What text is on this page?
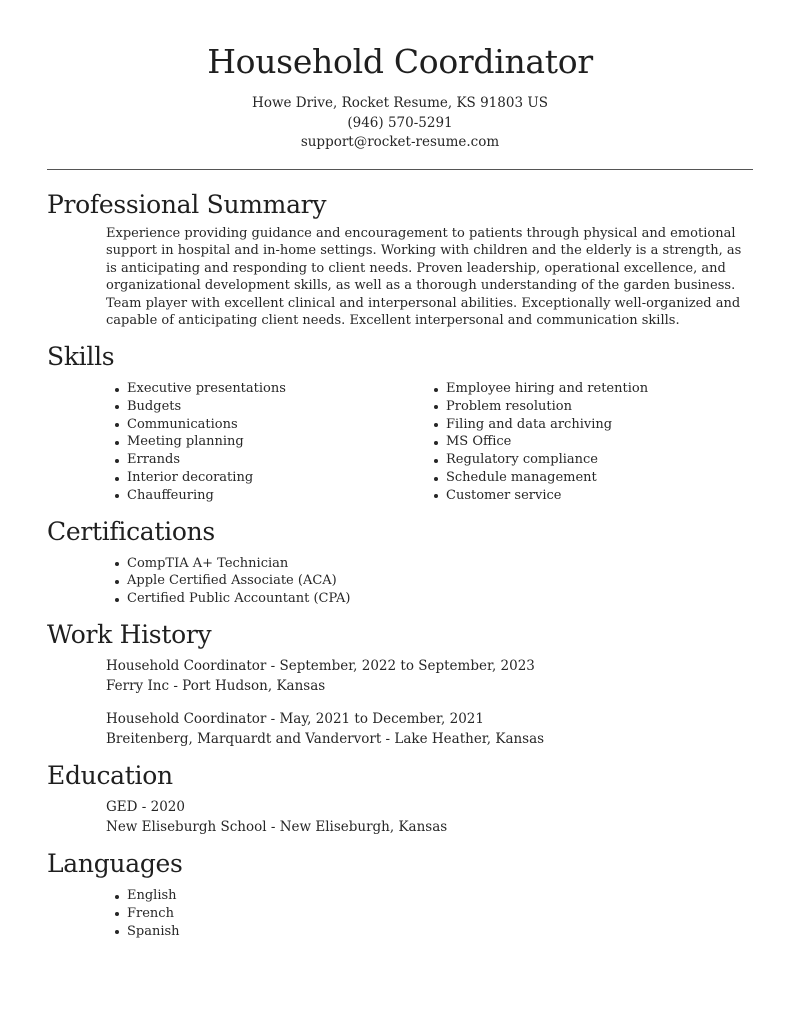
Household Coordinator
Howe Drive, Rocket Resume, KS 91803 US
(946) 570-5291
support@rocket-resume.com
Professional Summary

Experience providing guidance and encouragement to patients through physical and emotional support in hospital and in-home settings. Working with children and the elderly is a strength, as is anticipating and responding to client needs. Proven leadership, operational excellence, and organizational development skills, as well as a thorough understanding of the garden business. Team player with excellent clinical and interpersonal abilities. Exceptionally well-organized and capable of anticipating client needs. Excellent interpersonal and communication skills.

Skills
Executive presentations
Budgets
Communications
Meeting planning
Errands
Interior decorating
Chauffeuring
Employee hiring and retention
Problem resolution
Filing and data archiving
MS Office
Regulatory compliance
Schedule management
Customer service
Certifications
CompTIA A+ Technician
Apple Certified Associate (ACA)
Certified Public Accountant (CPA)
Work History
Household Coordinator - September, 2022 to September, 2023
Ferry Inc - Port Hudson, Kansas
Household Coordinator - May, 2021 to December, 2021
Breitenberg, Marquardt and Vandervort - Lake Heather, Kansas
Education
GED - 2020
New Eliseburgh School - New Eliseburgh, Kansas
Languages
English
French
Spanish
